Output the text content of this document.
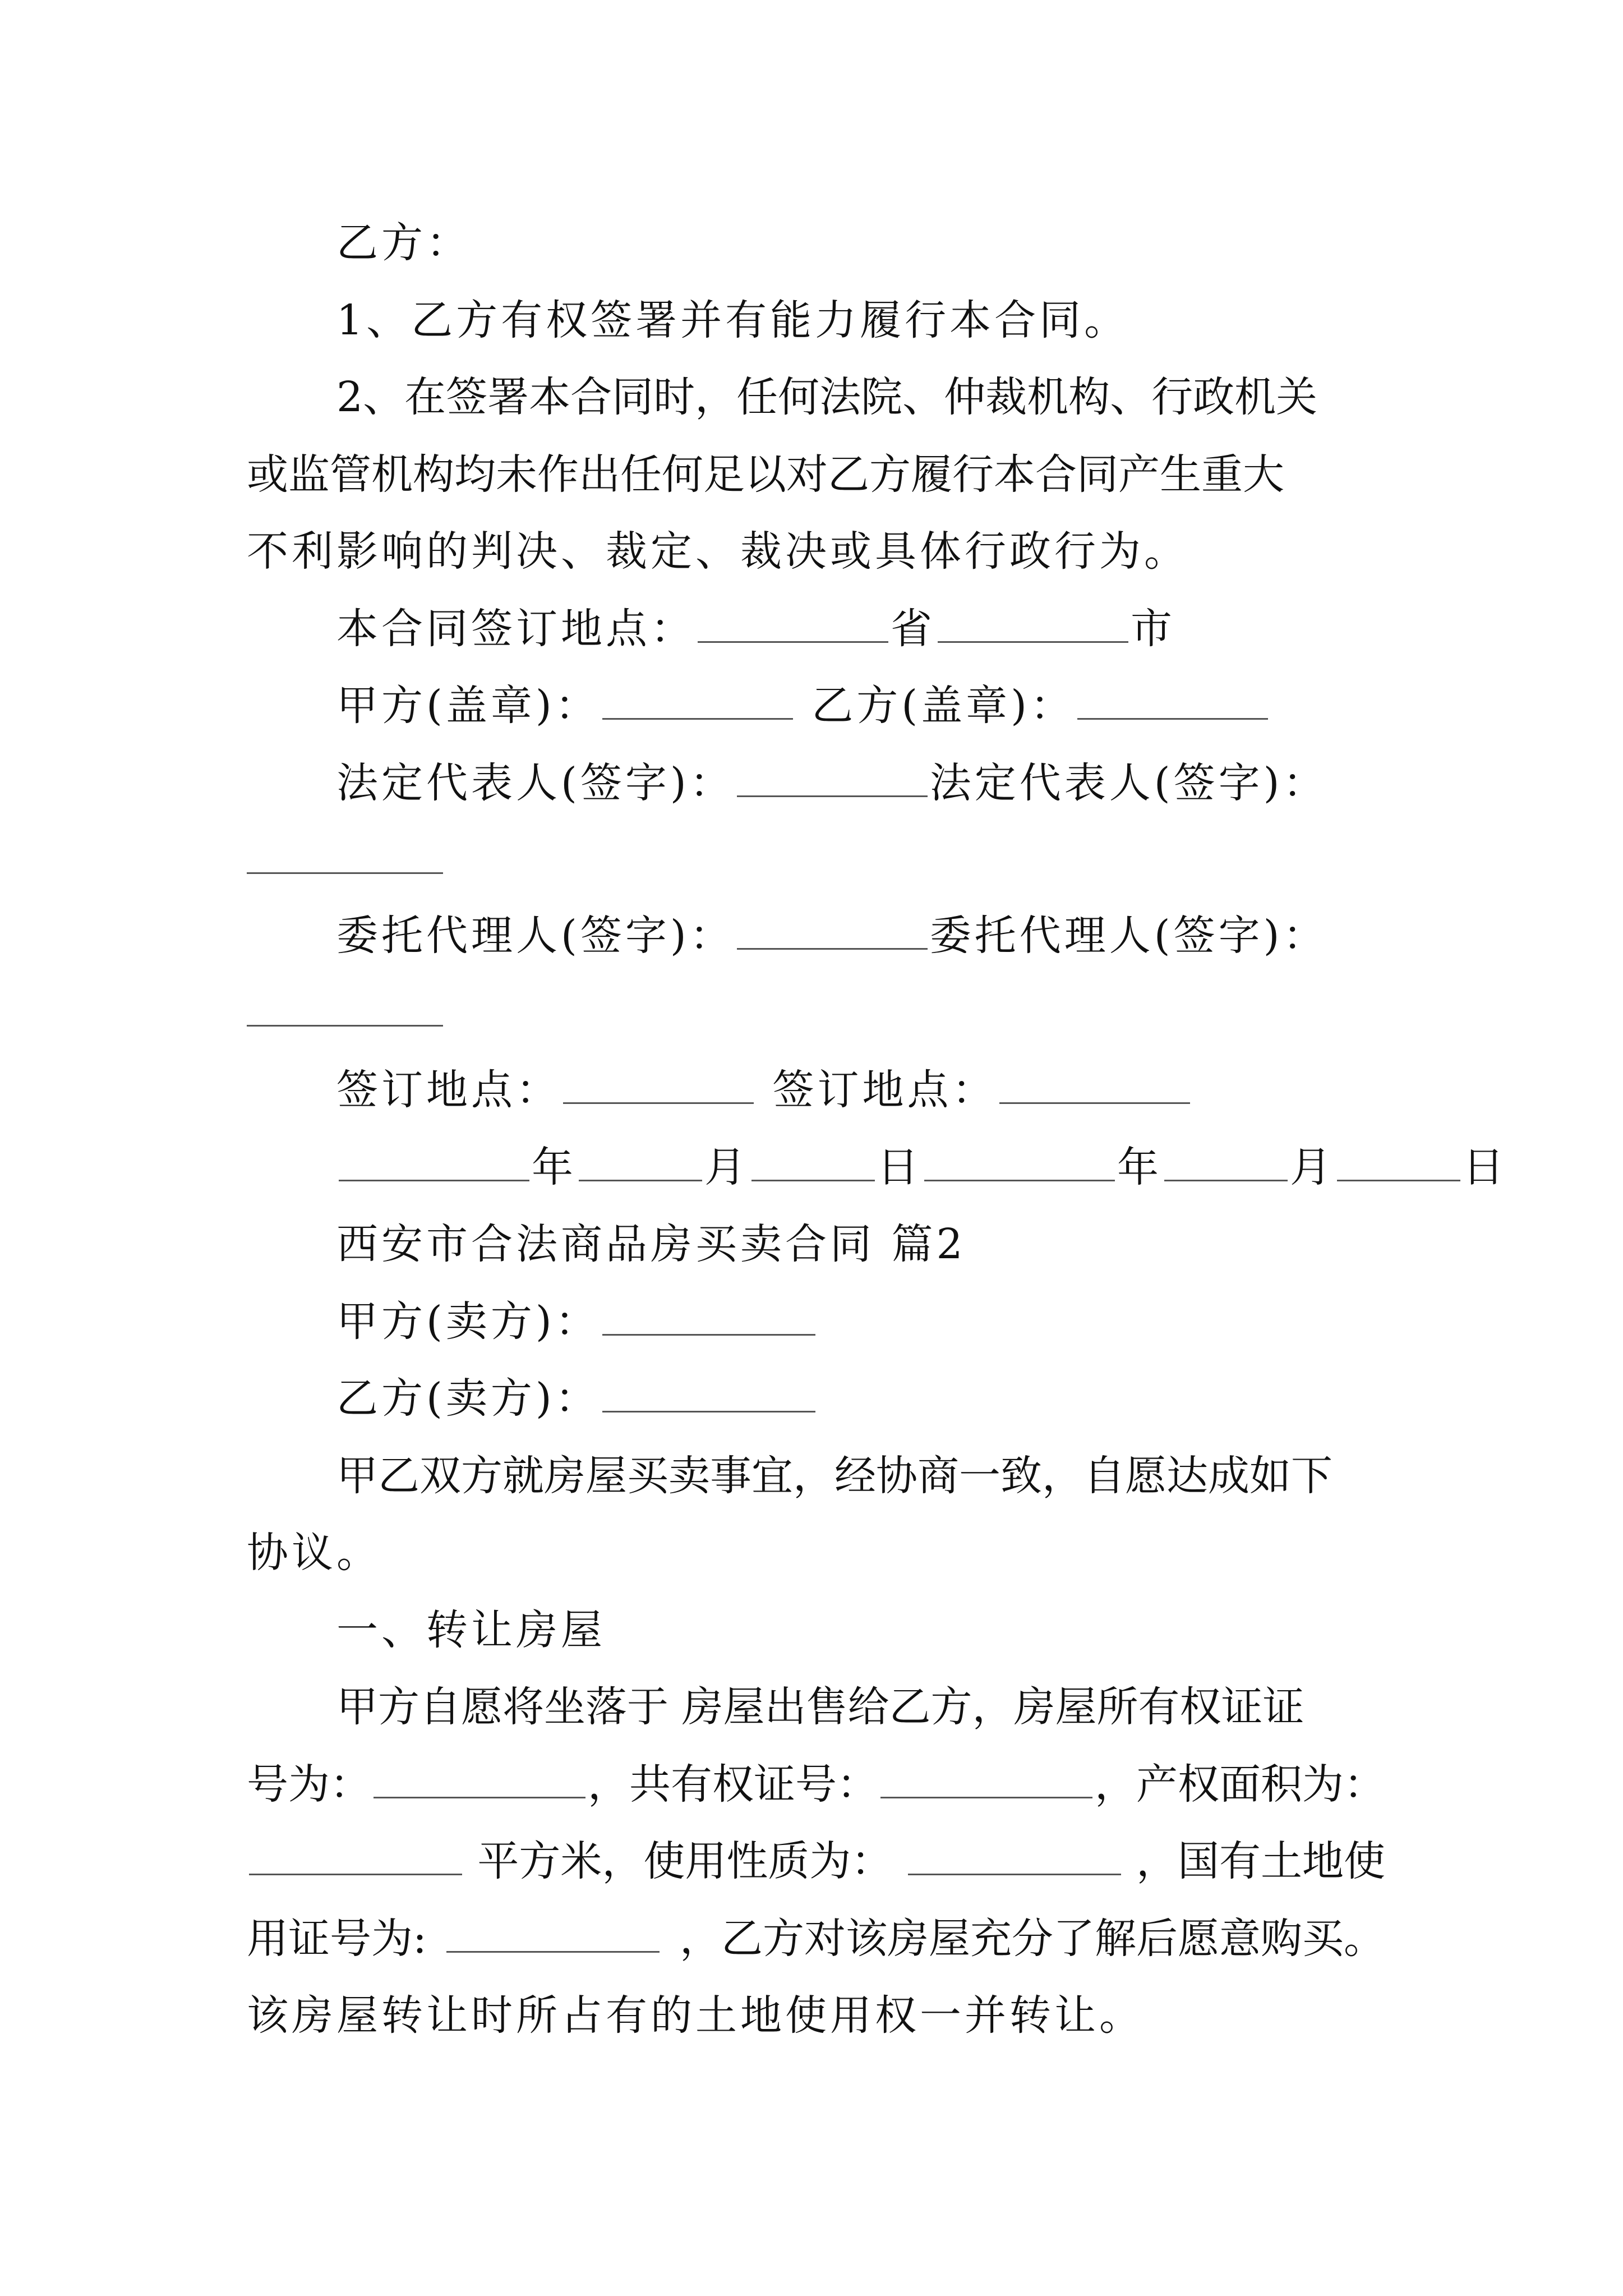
乙方：
1、乙方有权签署并有能力履行本合同。
2、在签署本合同时，任何法院、仲裁机构、行政机关
或监管机构均未作出任何足以对乙方履行本合同产生重大
不利影响的判决、裁定、裁决或具体行政行为。
本合同签订地点：	省	市
甲方(盖章)：	乙方(盖章)：
法定代表人(签字)：	法定代表人(签字)：
委托代理人(签字)：	委托代理人(签字)：
签订地点：	签订地点：
年	月	日	年	月	日
西安市合法商品房买卖合同 篇2
甲方(卖方)：
乙方(卖方)：
甲乙双方就房屋买卖事宜，经协商一致，自愿达成如下
协议。
一、转让房屋
甲方自愿将坐落于 房屋出售给乙方，房屋所有权证证
号为：	，共有权证号：	，产权面积为：
平方米，使用性质为：	，国有土地使
用证号为:	，乙方对该房屋充分了解后愿意购买。
该房屋转让时所占有的土地使用权一并转让。
